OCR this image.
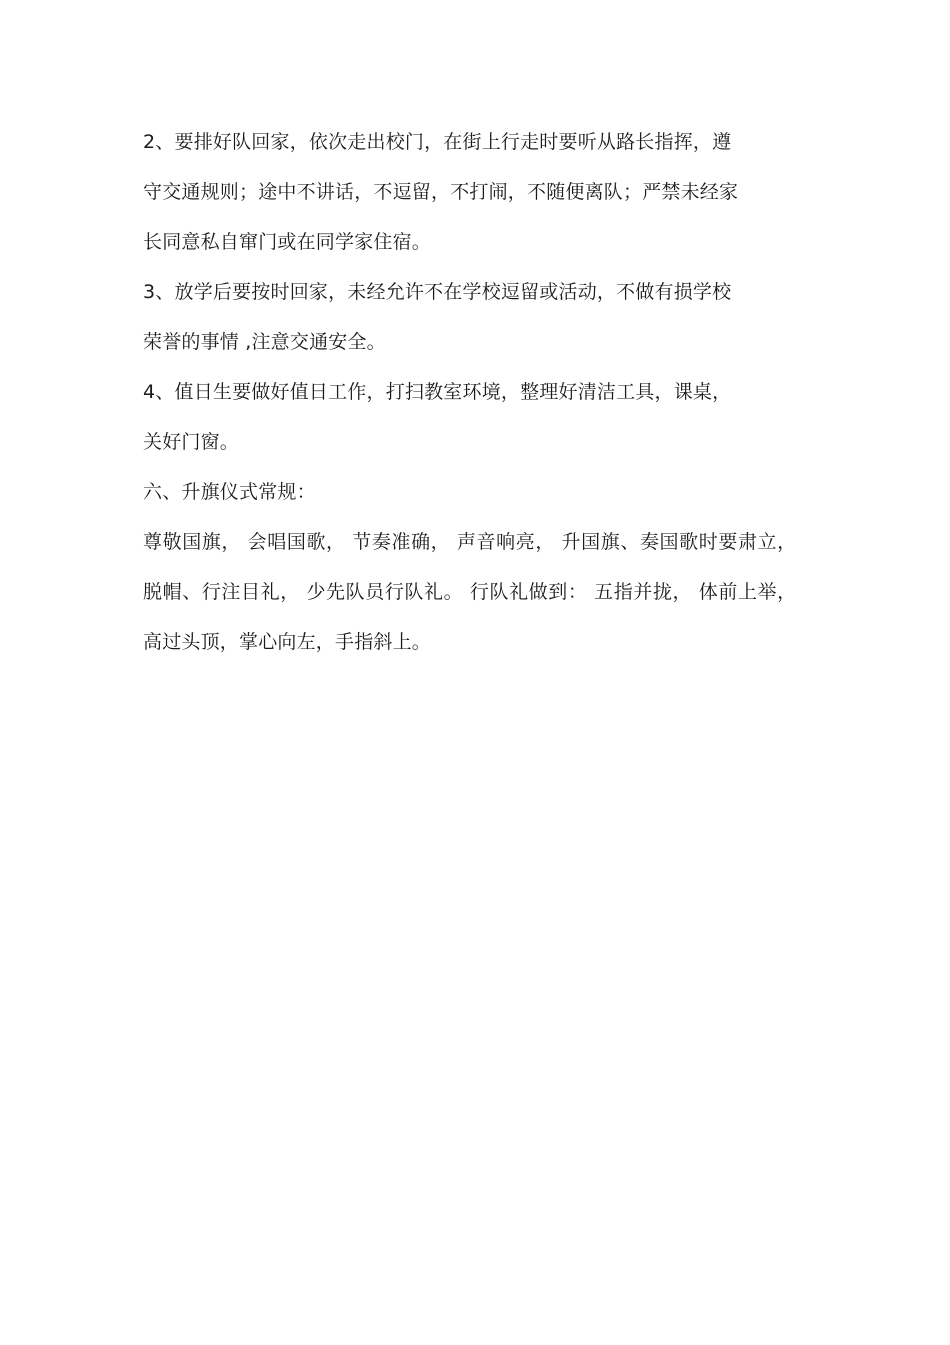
2、要排好队回家，依次走出校门，在街上行走时要听从路长指挥，遵
守交通规则；途中不讲话，不逗留，不打闹，不随便离队；严禁未经家
长同意私自窜门或在同学家住宿。
3、放学后要按时回家，未经允许不在学校逗留或活动，不做有损学校
荣誉的事情 ,注意交通安全。
4、值日生要做好值日工作，打扫教室环境，整理好清洁工具，课桌，
关好门窗。
六、升旗仪式常规：
尊敬国旗， 会唱国歌， 节奏准确， 声音响亮， 升国旗、奏国歌时要肃立，
脱帽、行注目礼， 少先队员行队礼。 行队礼做到： 五指并拢， 体前上举，
高过头顶，掌心向左，手指斜上。
